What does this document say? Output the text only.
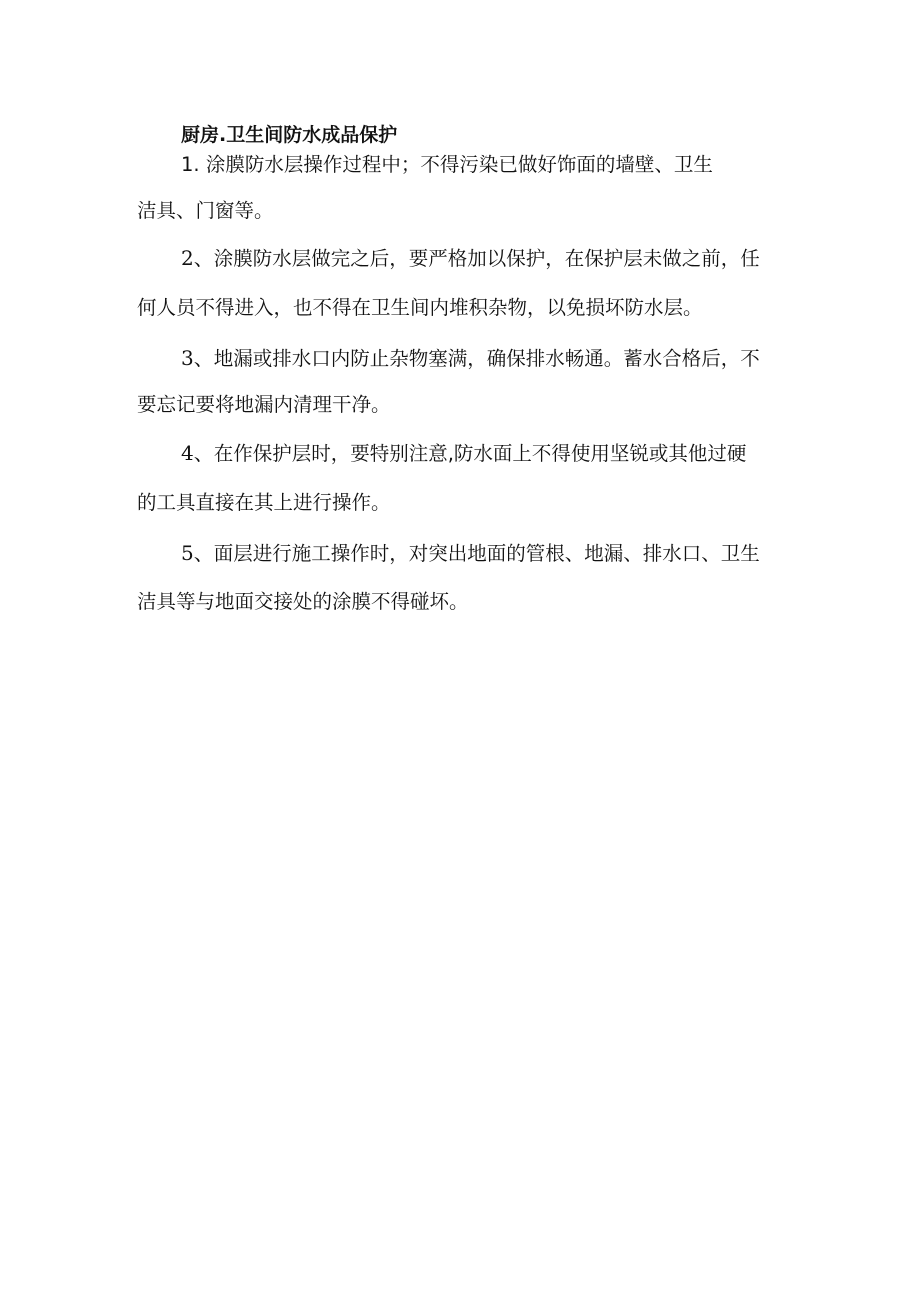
厨房.卫生间防水成品保护
1. 涂膜防水层操作过程中；不得污染已做好饰面的墙壁、卫生
洁具、门窗等。
2、涂膜防水层做完之后，要严格加以保护，在保护层未做之前，任
何人员不得进入，也不得在卫生间内堆积杂物，以免损坏防水层。
3、地漏或排水口内防止杂物塞满，确保排水畅通。蓄水合格后，不
要忘记要将地漏内清理干净。
4、在作保护层时，要特别注意,防水面上不得使用坚锐或其他过硬
的工具直接在其上进行操作。
5、面层进行施工操作时，对突出地面的管根、地漏、排水口、卫生
洁具等与地面交接处的涂膜不得碰坏。
